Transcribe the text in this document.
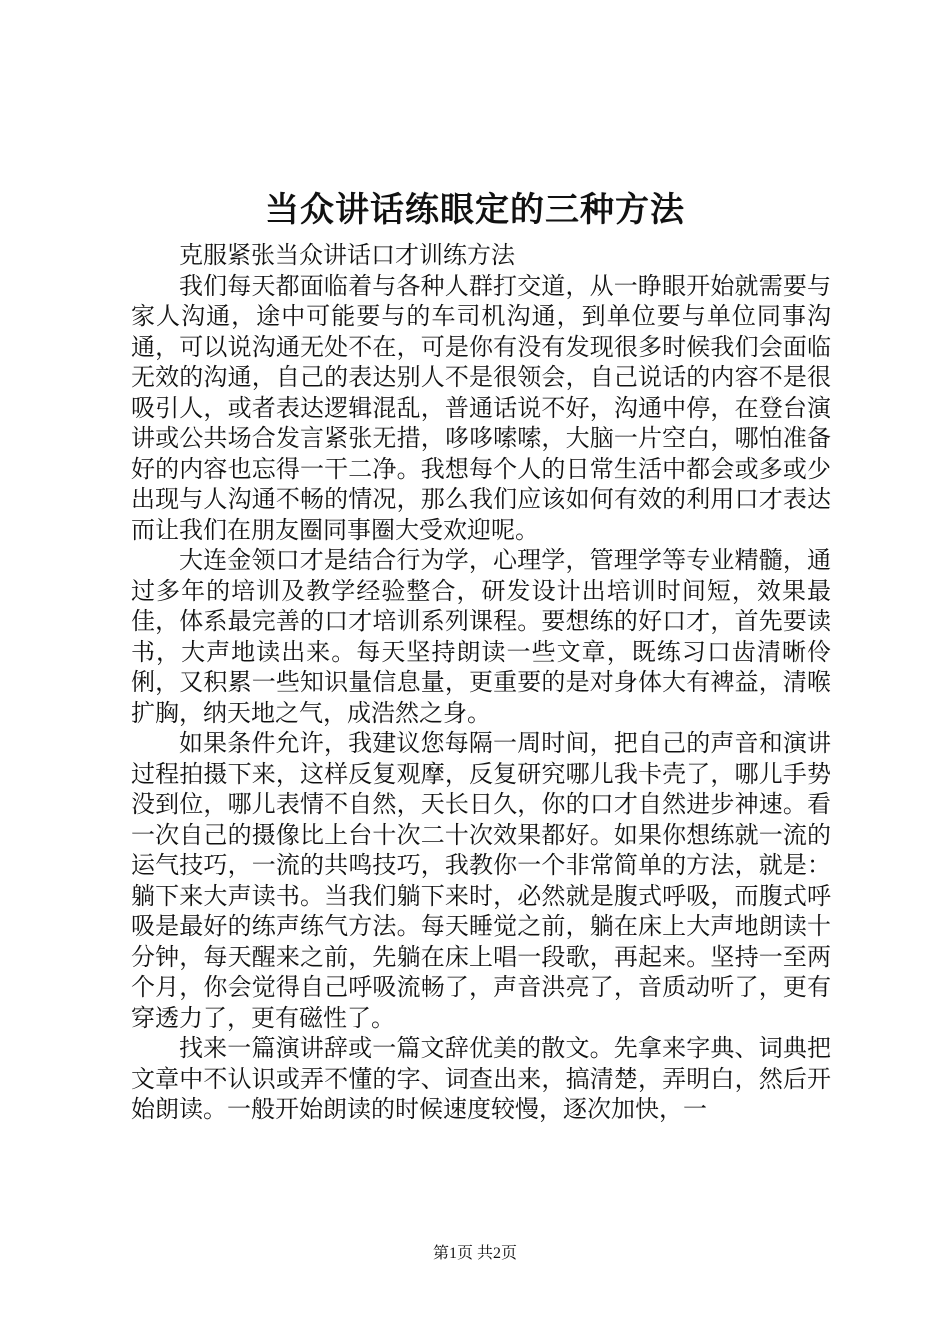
当众讲话练眼定的三种方法

克服紧张当众讲话口才训练方法

我们每天都面临着与各种人群打交道，从一睁眼开始就需要与家人沟通，途中可能要与的车司机沟通，到单位要与单位同事沟通，可以说沟通无处不在，可是你有没有发现很多时候我们会面临无效的沟通，自己的表达别人不是很领会，自己说话的内容不是很吸引人，或者表达逻辑混乱，普通话说不好，沟通中停，在登台演讲或公共场合发言紧张无措，哆哆嗦嗦，大脑一片空白，哪怕准备好的内容也忘得一干二净。我想每个人的日常生活中都会或多或少出现与人沟通不畅的情况，那么我们应该如何有效的利用口才表达而让我们在朋友圈同事圈大受欢迎呢。

大连金领口才是结合行为学，心理学，管理学等专业精髓，通过多年的培训及教学经验整合，研发设计出培训时间短，效果最佳，体系最完善的口才培训系列课程。要想练的好口才，首先要读书，大声地读出来。每天坚持朗读一些文章，既练习口齿清晰伶俐，又积累一些知识量信息量，更重要的是对身体大有裨益，清喉扩胸，纳天地之气，成浩然之身。

如果条件允许，我建议您每隔一周时间，把自己的声音和演讲过程拍摄下来，这样反复观摩，反复研究哪儿我卡壳了，哪儿手势没到位，哪儿表情不自然，天长日久，你的口才自然进步神速。看一次自己的摄像比上台十次二十次效果都好。如果你想练就一流的运气技巧，一流的共鸣技巧，我教你一个非常简单的方法，就是：躺下来大声读书。当我们躺下来时，必然就是腹式呼吸，而腹式呼吸是最好的练声练气方法。每天睡觉之前，躺在床上大声地朗读十分钟，每天醒来之前，先躺在床上唱一段歌，再起来。坚持一至两个月，你会觉得自己呼吸流畅了，声音洪亮了，音质动听了，更有穿透力了，更有磁性了。

找来一篇演讲辞或一篇文辞优美的散文。先拿来字典、词典把文章中不认识或弄不懂的字、词查出来，搞清楚，弄明白，然后开始朗读。一般开始朗读的时候速度较慢，逐次加快，一

第1页 共2页
